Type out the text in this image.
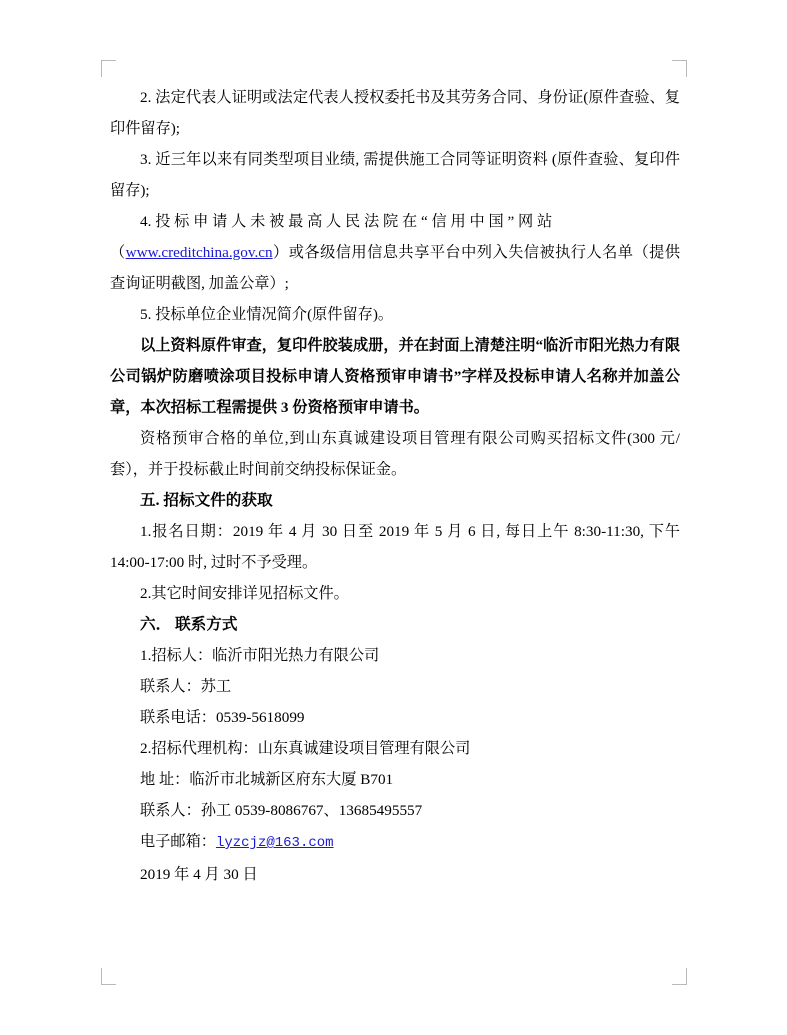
2. 法定代表人证明或法定代表人授权委托书及其劳务合同、身份证(原件查验、复印件留存);

3. 近三年以来有同类型项目业绩, 需提供施工合同等证明资料 (原件查验、复印件留存);

4. 投 标 申 请 人 未 被 最 高 人 民 法 院 在 “ 信 用 中 国 ” 网 站
（www.creditchina.gov.cn）或各级信用信息共享平台中列入失信被执行人名单（提供查询证明截图, 加盖公章）;

5. 投标单位企业情况简介(原件留存)。

以上资料原件审查，复印件胶装成册，并在封面上清楚注明“临沂市阳光热力有限公司锅炉防磨喷涂项目投标申请人资格预审申请书”字样及投标申请人名称并加盖公章，本次招标工程需提供 3 份资格预审申请书。

资格预审合格的单位,到山东真诚建设项目管理有限公司购买招标文件(300 元/套），并于投标截止时间前交纳投标保证金。

五. 招标文件的获取

1.报名日期：2019 年 4 月 30 日至 2019 年 5 月 6 日, 每日上午 8:30-11:30, 下午 14:00-17:00 时, 过时不予受理。

2.其它时间安排详见招标文件。

六． 联系方式

1.招标人：临沂市阳光热力有限公司

联系人：苏工

联系电话：0539-5618099

2.招标代理机构：山东真诚建设项目管理有限公司

地 址：临沂市北城新区府东大厦 B701

联系人：孙工 0539-8086767、13685495557

电子邮箱：lyzcjz@163.com

2019 年 4 月 30 日
